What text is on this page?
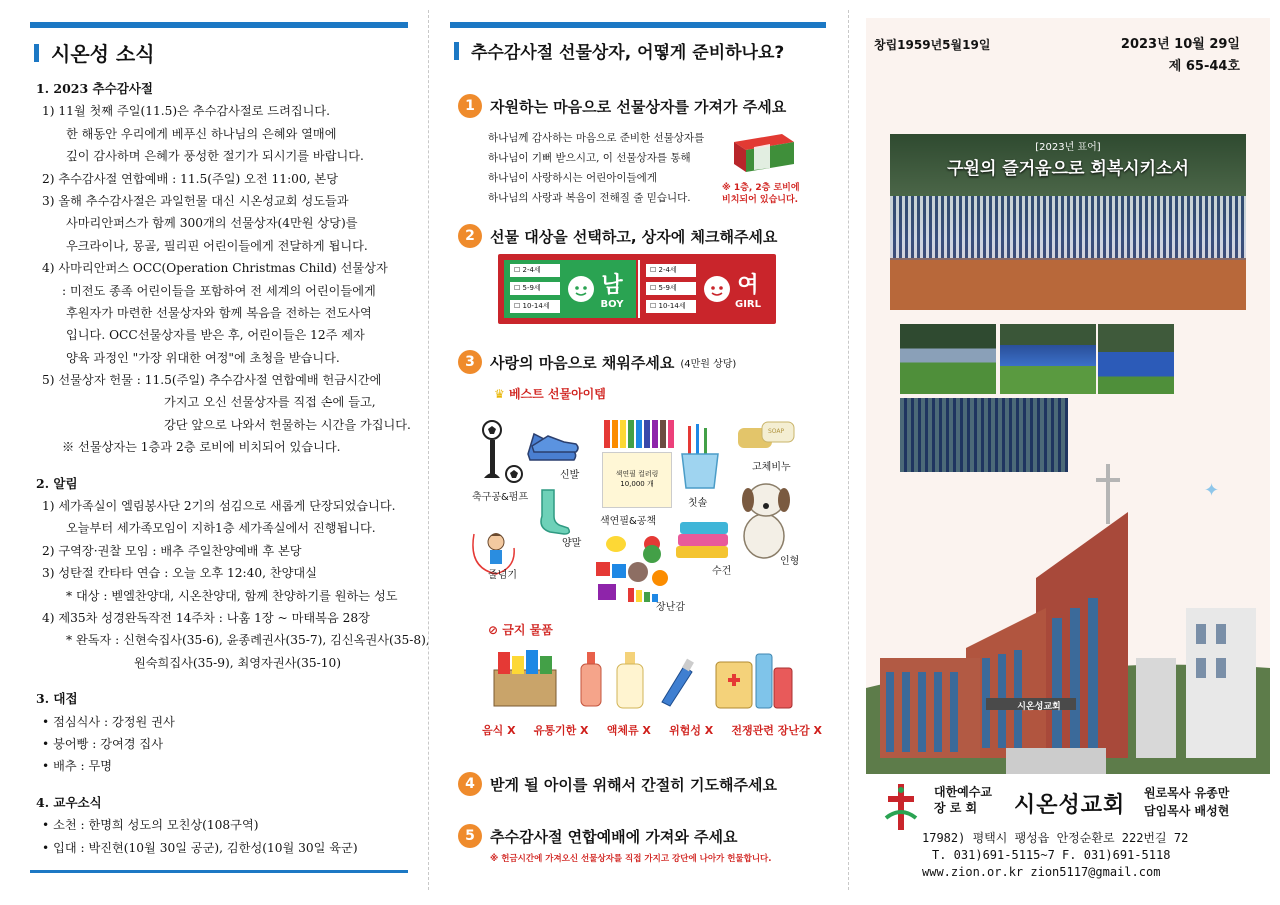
시온성 소식
1. 2023 추수감사절
1) 11월 첫째 주일(11.5)은 추수감사절로 드려집니다.
한 해동안 우리에게 베푸신 하나님의 은혜와 열매에
깊이 감사하며 은혜가 풍성한 절기가 되시기를 바랍니다.
2) 추수감사절 연합예배 : 11.5(주일) 오전 11:00, 본당
3) 올해 추수감사절은 과일헌물 대신 시온성교회 성도들과
사마리안퍼스가 함께 300개의 선물상자(4만원 상당)를
우크라이나, 몽골, 필리핀 어린이들에게 전달하게 됩니다.
4) 사마리안퍼스 OCC(Operation Christmas Child) 선물상자
: 미전도 종족 어린이들을 포함하여 전 세계의 어린이들에게
후원자가 마련한 선물상자와 함께 복음을 전하는 전도사역
입니다. OCC선물상자를 받은 후, 어린이들은 12주 제자
양육 과정인 "가장 위대한 여정"에 초청을 받습니다.
5) 선물상자 헌물 : 11.5(주일) 추수감사절 연합예배 헌금시간에
가지고 오신 선물상자를 직접 손에 들고,
강단 앞으로 나와서 헌물하는 시간을 가집니다.
※ 선물상자는 1층과 2층 로비에 비치되어 있습니다.
2. 알림
1) 세가족실이 엘림봉사단 2기의 섬김으로 새롭게 단장되었습니다.
오늘부터 세가족모임이 지하1층 세가족실에서 진행됩니다.
2) 구역장·권찰 모임 : 배추 주일찬양예배 후 본당
3) 성탄절 칸타타 연습 : 오늘 오후 12:40, 찬양대실
* 대상 : 벧엘찬양대, 시온찬양대, 함께 찬양하기를 원하는 성도
4) 제35차 성경완독작전 14주차 : 나훔 1장 ~ 마태복음 28장
* 완독자 : 신현숙집사(35-6), 윤종례권사(35-7), 김신옥권사(35-8),
원숙희집사(35-9), 최영자권사(35-10)
3. 대접
• 점심식사 : 강정원 권사
• 붕어빵 : 강여경 집사
• 배추 : 무명
4. 교우소식
• 소천 : 한명희 성도의 모친상(108구역)
• 입대 : 박진현(10월 30일 공군), 김한성(10월 30일 육군)
추수감사절 선물상자, 어떻게 준비하나요?
1	자원하는 마음으로 선물상자를 가져가 주세요
하나님께 감사하는 마음으로 준비한 선물상자를
하나님이 기뻐 받으시고, 이 선물상자를 통해
하나님이 사랑하시는 어린아이들에게
하나님의 사랑과 복음이 전해질 줄 믿습니다.
※ 1층, 2층 로비에
비치되어 있습니다.
2	선물 대상을 선택하고, 상자에 체크해주세요
☐ 2-4세
☐ 5-9세
☐ 10-14세
남
BOY
☐ 2-4세
☐ 5-9세
☐ 10-14세
여
GIRL
3	사랑의 마음으로 채워주세요 (4만원 상당)
♛ 베스트 선물아이템
색연필 컬러링 10,000 개
SOAP
축구공&펌프
신발
색연필&공책
칫솔
고체비누
양말
인형
줄넘기	수건
장난감
⊘ 금지 물품
음식 X 유통기한 X 액체류 X 위험성 X 전쟁관련 장난감 X
4	받게 될 아이를 위해서 간절히 기도해주세요
5	추수감사절 연합예배에 가져와 주세요
※ 헌금시간에 가져오신 선물상자를 직접 가지고 강단에 나아가 헌물합니다.
창립1959년5월19일	2023년 10월 29일
제 65-44호
[2023년 표어]
구원의 즐거움으로 회복시키소서
✦
시온성교회
대한예수교
장 로 회	시온성교회 원로목사 유종만
담임목사 배성현
17982) 평택시 팽성읍 안정순환로 222번길 72
T. 031)691-5115~7 F. 031)691-5118
www.zion.or.kr zion5117@gmail.com
